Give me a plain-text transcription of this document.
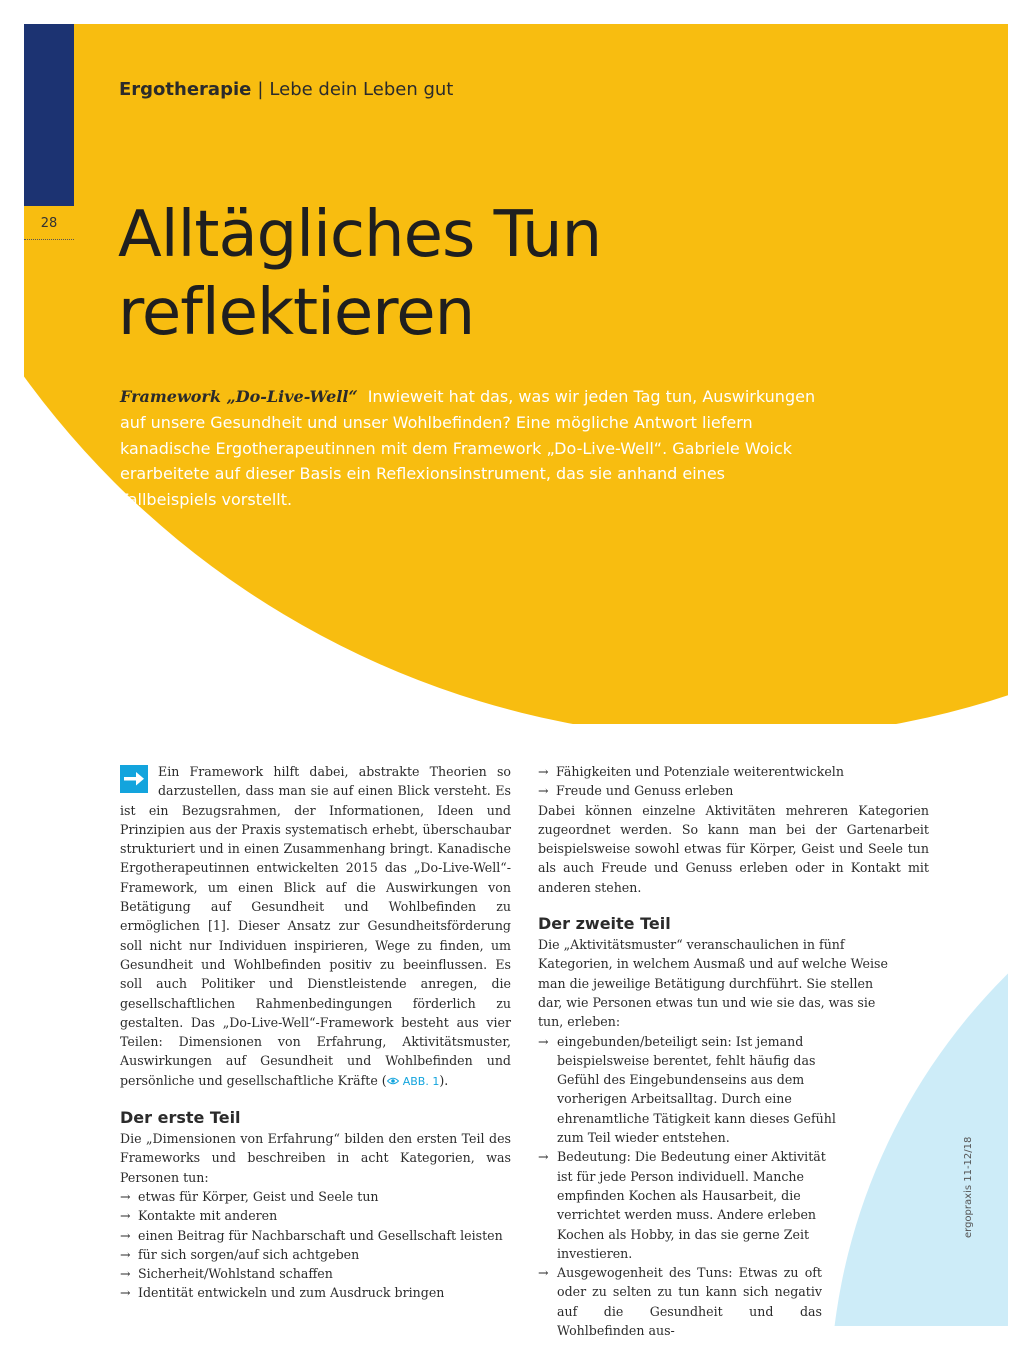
28
Ergotherapie | Lebe dein Leben gut
Alltägliches Tun
reflektieren

Framework „Do-Live-Well“ Inwieweit hat das, was wir jeden Tag tun, Auswirkungen auf unsere Gesundheit und unser Wohlbefinden? Eine mögliche Antwort liefern kanadische Ergotherapeutinnen mit dem Framework „Do-Live-Well“. Gabriele Woick erarbeitete auf dieser Basis ein Reflexionsinstrument, das sie anhand eines Fallbeispiels vorstellt.

Ein Framework hilft dabei, abstrakte Theorien so darzustellen, dass man sie auf einen Blick versteht. Es ist ein Bezugsrahmen, der Informationen, Ideen und Prinzipien aus der Praxis systematisch erhebt, überschaubar strukturiert und in einen Zusammenhang bringt. Kanadische Ergotherapeutinnen entwickelten 2015 das „Do-Live-Well“-Framework, um einen Blick auf die Auswirkungen von Betätigung auf Gesundheit und Wohlbefinden zu ermöglichen [1]. Dieser Ansatz zur Gesundheitsförderung soll nicht nur Individuen inspirieren, Wege zu finden, um Gesundheit und Wohlbefinden positiv zu beeinflussen. Es soll auch Politiker und Dienstleistende anregen, die gesellschaftlichen Rahmenbedingungen förderlich zu gestalten. Das „Do-Live-Well“-Framework besteht aus vier Teilen: Dimensionen von Erfahrung, Aktivitätsmuster, Auswirkungen auf Gesundheit und Wohlbefinden und persönliche und gesellschaftliche Kräfte ( ABB. 1).

Der erste Teil

Die „Dimensionen von Erfahrung“ bilden den ersten Teil des Frameworks und beschreiben in acht Kategorien, was Personen tun:

→ etwas für Körper, Geist und Seele tun
→ Kontakte mit anderen
→ einen Beitrag für Nachbarschaft und Gesellschaft leisten
→ für sich sorgen/auf sich achtgeben
→ Sicherheit/Wohlstand schaffen
→ Identität entwickeln und zum Ausdruck bringen
→ Fähigkeiten und Potenziale weiterentwickeln
→ Freude und Genuss erleben

Dabei können einzelne Aktivitäten mehreren Kategorien zugeordnet werden. So kann man bei der Gartenarbeit beispielsweise sowohl etwas für Körper, Geist und Seele tun als auch Freude und Genuss erleben oder in Kontakt mit anderen stehen.

Der zweite Teil

Die „Aktivitätsmuster“ veranschaulichen in fünf Kategorien, in welchem Ausmaß und auf welche Weise man die jeweilige Betätigung durchführt. Sie stellen dar, wie Personen etwas tun und wie sie das, was sie tun, erleben:

→ eingebunden/beteiligt sein: Ist jemand beispielsweise berentet, fehlt häufig das Gefühl des Eingebundenseins aus dem vorherigen Arbeitsalltag. Durch eine ehrenamtliche Tätigkeit kann dieses Gefühl zum Teil wieder entstehen.
→ Bedeutung: Die Bedeutung einer Aktivität ist für jede Person individuell. Manche empfinden Kochen als Hausarbeit, die verrichtet werden muss. Andere erleben Kochen als Hobby, in das sie gerne Zeit investieren.
→ Ausgewogenheit des Tuns: Etwas zu oft oder zu selten zu tun kann sich negativ auf die Gesundheit und das Wohlbefinden aus-
ergopraxis 11-12/18
